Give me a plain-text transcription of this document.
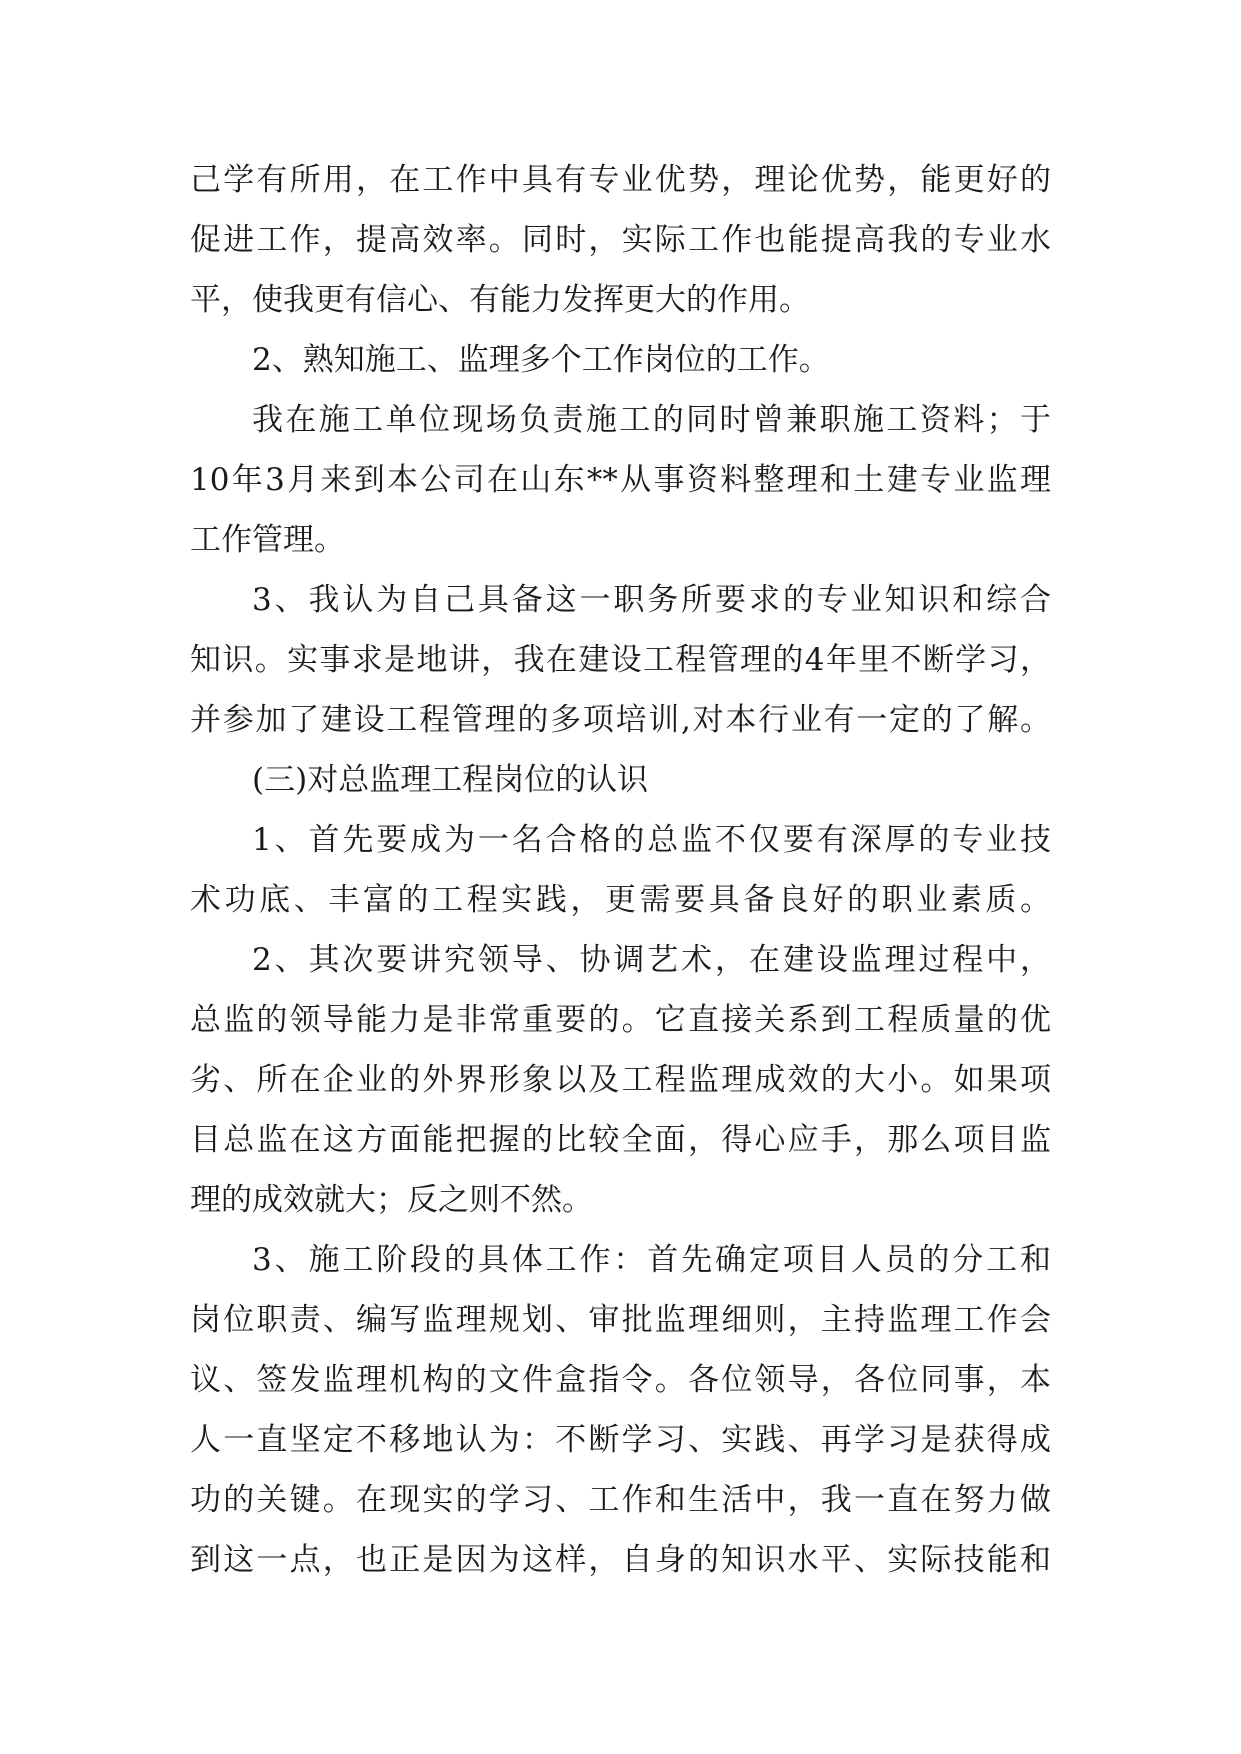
己学有所用，在工作中具有专业优势，理论优势，能更好的
促进工作，提高效率。同时，实际工作也能提高我的专业水
平，使我更有信心、有能力发挥更大的作用。
2、熟知施工、监理多个工作岗位的工作。
我在施工单位现场负责施工的同时曾兼职施工资料；于
10年3月来到本公司在山东**从事资料整理和土建专业监理
工作管理。
3、我认为自己具备这一职务所要求的专业知识和综合
知识。实事求是地讲，我在建设工程管理的4年里不断学习，
并参加了建设工程管理的多项培训,对本行业有一定的了解。
(三)对总监理工程岗位的认识
1、首先要成为一名合格的总监不仅要有深厚的专业技
术功底、丰富的工程实践，更需要具备良好的职业素质。
2、其次要讲究领导、协调艺术，在建设监理过程中，
总监的领导能力是非常重要的。它直接关系到工程质量的优
劣、所在企业的外界形象以及工程监理成效的大小。如果项
目总监在这方面能把握的比较全面，得心应手，那么项目监
理的成效就大；反之则不然。
3、施工阶段的具体工作：首先确定项目人员的分工和
岗位职责、编写监理规划、审批监理细则，主持监理工作会
议、签发监理机构的文件盒指令。各位领导，各位同事，本
人一直坚定不移地认为：不断学习、实践、再学习是获得成
功的关键。在现实的学习、工作和生活中，我一直在努力做
到这一点，也正是因为这样，自身的知识水平、实际技能和
